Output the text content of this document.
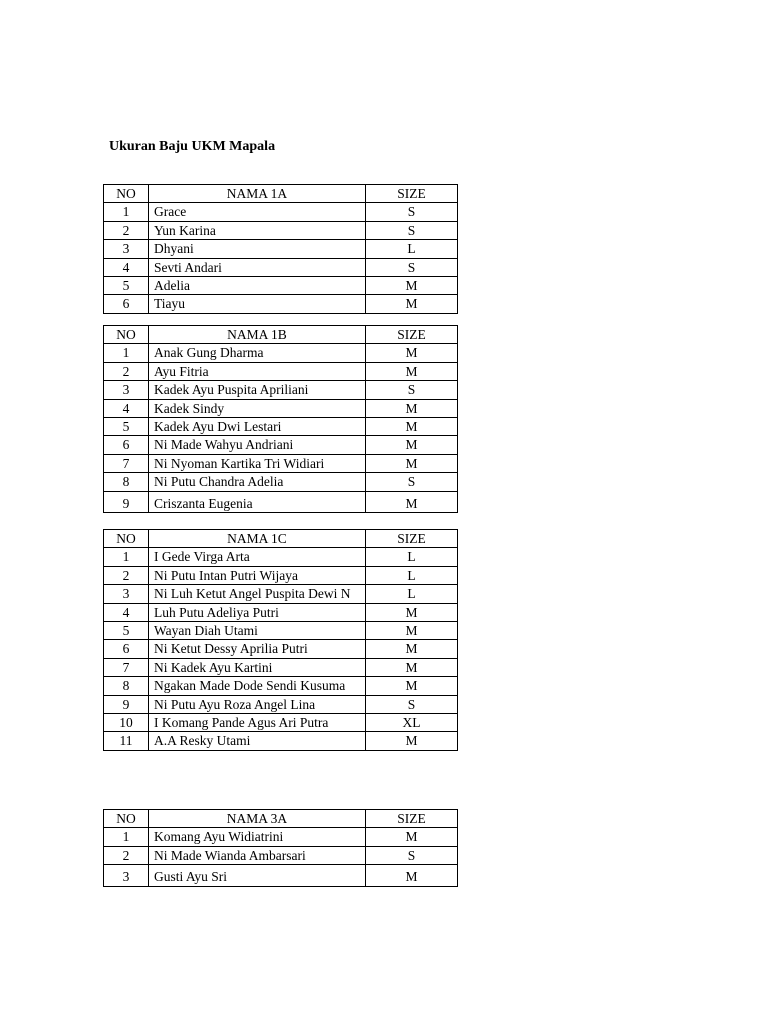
Ukuran Baju UKM Mapala
NO	NAMA 1A	SIZE
1	Grace	S
2	Yun Karina	S
3	Dhyani	L
4	Sevti Andari	S
5	Adelia	M
6	Tiayu	M
NO	NAMA 1B	SIZE
1	Anak Gung Dharma	M
2	Ayu Fitria	M
3	Kadek Ayu Puspita Apriliani	S
4	Kadek Sindy	M
5	Kadek Ayu Dwi Lestari	M
6	Ni Made Wahyu Andriani	M
7	Ni Nyoman Kartika Tri Widiari	M
8	Ni Putu Chandra Adelia	S
9	Criszanta Eugenia	M
NO	NAMA 1C	SIZE
1	I Gede Virga Arta	L
2	Ni Putu Intan Putri Wijaya	L
3	Ni Luh Ketut Angel Puspita Dewi N	L
4	Luh Putu Adeliya Putri	M
5	Wayan Diah Utami	M
6	Ni Ketut Dessy Aprilia Putri	M
7	Ni Kadek Ayu Kartini	M
8	Ngakan Made Dode Sendi Kusuma	M
9	Ni Putu Ayu Roza Angel Lina	S
10	I Komang Pande Agus Ari Putra	XL
11	A.A Resky Utami	M
NO	NAMA 3A	SIZE
1	Komang Ayu Widiatrini	M
2	Ni Made Wianda Ambarsari	S
3	Gusti Ayu Sri	M
